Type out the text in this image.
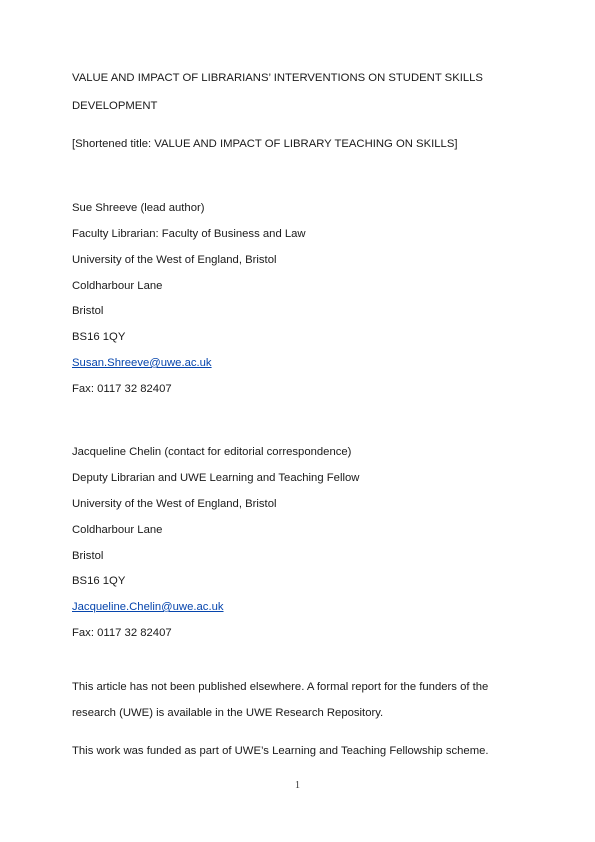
VALUE AND IMPACT OF LIBRARIANS’ INTERVENTIONS ON STUDENT SKILLS
DEVELOPMENT
[Shortened title: VALUE AND IMPACT OF LIBRARY TEACHING ON SKILLS]
Sue Shreeve (lead author)
Faculty Librarian: Faculty of Business and Law
University of the West of England, Bristol
Coldharbour Lane
Bristol
BS16 1QY
Susan.Shreeve@uwe.ac.uk
Fax: 0117 32 82407
Jacqueline Chelin (contact for editorial correspondence)
Deputy Librarian and UWE Learning and Teaching Fellow
University of the West of England, Bristol
Coldharbour Lane
Bristol
BS16 1QY
Jacqueline.Chelin@uwe.ac.uk
Fax: 0117 32 82407
This article has not been published elsewhere. A formal report for the funders of the
research (UWE) is available in the UWE Research Repository.
This work was funded as part of UWE’s Learning and Teaching Fellowship scheme.
1
